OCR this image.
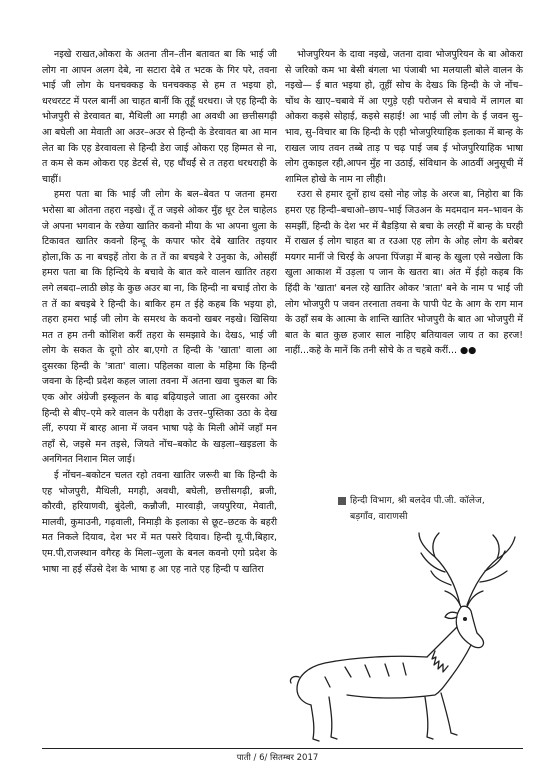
नइखे राखत,ओकरा के अतना तीन–तीन बतावत बा कि भाई जी लोग ना आपन अलग देबे, ना सटारा देबे त भटक के गिर परे, तवना भाई जी लोग के घनचक्कड़ के घनचक्कड़ से हम त भइया हो, धरधरटट में परल बानीं आ चाहत बानीं कि तूहूँ धरधरा। जे एह हिन्दी के भोजपुरी से डेरवावत बा, मैथिली आ मगही आ अवधी आ छत्तीसगढ़ी आ बघेली आ मेवाती आ अउर–अउर से हिन्दी के डेरवावत बा आ मान लेत बा कि एह डेरवावला से हिन्दी डेरा जाई ओकरा एह हिम्मत से ना, त कम से कम ओकरा एह डेटर्स से, एह धौंधर्ई से त तहरा धरधराही के चाहीं।

हमरा पता बा कि भाई जी लोग के बल–बेवत प जतना हमरा भरोसा बा ओतना तहरा नइखे। तूँ त जइसे ओकर मुँह धूर टेल चाहेलऽ जे अपना भगवान के रछेया खातिर कवनो मीया के भा अपना धुला के टिकावत खातिर कवनो हिन्दू के कपार फोर देबे खातिर तइयार होला,कि ऊ ना बचइहें तोरा के त तें का बचइबे रे उनुका के, ओसहीं हमरा पता बा कि हिन्दिये के बचावे के बात करे वालन खातिर तहरा लगे लबदा–लाठी छोड़ के कुछ अउर बा ना, कि हिन्दी ना बचाई तोरा के त तें का बचइबे रे हिन्दी के। बाकिर हम त ईहे कहब कि भइया हो, तहरा हमरा भाई जी लोग के समरथ के कवनो खबर नइखे। खिसिया मत त हम तनी कोशिश करीं तहरा के समझावे के। देखऽ, भाई जी लोग के सकत के दूगो ठोर बा,एगो त हिन्दी के 'खाता' वाला आ दुसरका हिन्दी के 'त्राता' वाला। पहिलका वाला के महिमा कि हिन्दी जवना के हिन्दी प्रदेश कहल जाला तवना में अतना खवा चुकल बा कि एक ओर अंग्रेजी इस्कूलन के बाढ़ बढ़ियाइले जाता आ दुसरका ओर हिन्दी से बीए–एमे करे वालन के परीक्षा के उत्तर–पुस्तिका उठा के देख लीं, रुपया में बारह आना में जवन भाषा पढ़े के मिली ओमें जहाँ मन तहाँ से, जइसे मन तइसे, जियते नोंच–बकोट के खड़ला–खइडला के अनगिनत निशान मिल जाई।

ई नोंचन–बकोटन चलत रहो तवना खातिर जरूरी बा कि हिन्दी के एह भोजपुरी, मैथिली, मगही, अवधी, बघेली, छत्तीसगढ़ी, ब्रजी, कौरवी, हरियाणवी, बुंदेली, कन्नौजी, मारवाड़ी, जयपुरिया, मेवाती, मालवी, कुमाउनी, गढ़वाली, निमाड़ी के इलाका से छूट–छटक के बहरी मत निकले दियाव, देश भर में मत पसरे दियाव। हिन्दी यू.पी,बिहार, एम.पी,राजस्थान वगैरह के मिला–जुला के बनल कवनो एगो प्रदेश के भाषा ना हई सँउसे देश के भाषा ह आ एह नाते एह हिन्दी प खतिरा

भोजपुरियन के दावा नइखे, जतना दावा भोजपुरियन के बा ओकरा से जरिको कम भा बेसी बंगला भा पंजाबी भा मलयाली बोले वालन के नइखे— ई बात भइया हो, तूहीं सोच के देखऽ कि हिन्दी के जे नोंच–चोंथ के खाए–चबावे में आ एगुड़े एही परोजन से बचावे में लागल बा ओकरा कइसे सोहाई, कइसे सहाई! आ भाई जी लोग के ई जवन सु–भाव, सु–विचार बा कि हिन्दी के एही भोजपुरियाहिक इलाका में बान्ह के राखल जाय तवन तब्बे ताड़ प चढ़ पाई जब ई भोजपुरियाहिक भाषा लोग तुकाइल रही,आपन मुँह ना उठाई, संविधान के आठवीं अनुसूची में शामिल होखे के नाम ना लीही।

रउरा से हमार दूनों हाथ दसो नोह जोड़ के अरज बा, निहोरा बा कि हमरा एह हिन्दी–बचाओ–छाप–भाई जिउअन के मदमदान मन–भावन के समझीं, हिन्दी के देश भर में बैडड़िया से बचा के लरही में बान्ह के घरही में राखल ई लोग चाहत बा त रउआ एह लोग के ओह लोग के बरोबर मयगर मानीं जे चिरई के अपना पिंजड़ा में बान्ह के खुला एसे नखेला कि खुला आकाश में उड़ला प जान के खतरा बा। अंत में ईहो कहब कि हिंदी के 'खाता' बनल रहे खातिर ओकर 'त्राता' बने के नाम प भाई जी लोग भोजपुरी प जवन तरनाता तवना के पापी पेट के आग के राग मान के उहाँ सब के आत्मा के शान्ति खातिर भोजपुरी के बात आ भोजपुरी में बात के बात कुछ हजार साल नाहिए बतियावल जाय त का हरज! नाहीं...कहे के मानें कि तनी सोचे के त चहबे करीं... ●●

हिन्दी विभाग, श्री बलदेव पी.जी. कॉलेज,
बड़गाँव, वाराणसी
पाती / 6/ सितम्बर 2017
